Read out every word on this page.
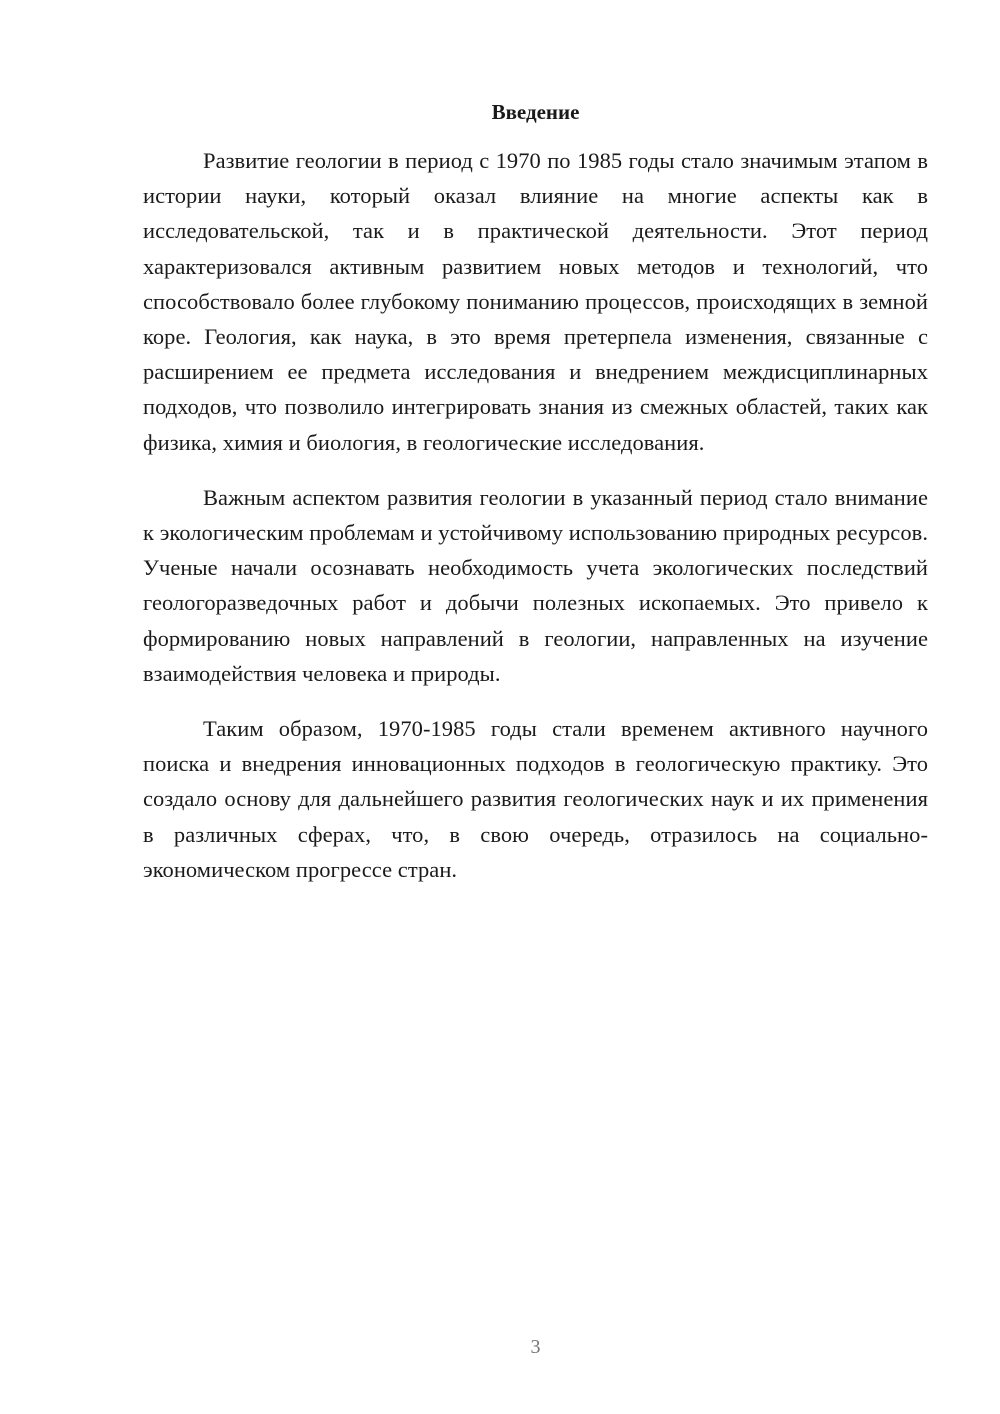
Введение

Развитие геологии в период с 1970 по 1985 годы стало значимым этапом в истории науки, который оказал влияние на многие аспекты как в исследовательской, так и в практической деятельности. Этот период характеризовался активным развитием новых методов и технологий, что способствовало более глубокому пониманию процессов, происходящих в земной коре. Геология, как наука, в это время претерпела изменения, связанные с расширением ее предмета исследования и внедрением междисциплинарных подходов, что позволило интегрировать знания из смежных областей, таких как физика, химия и биология, в геологические исследования.

Важным аспектом развития геологии в указанный период стало внимание к экологическим проблемам и устойчивому использованию природных ресурсов. Ученые начали осознавать необходимость учета экологических последствий геологоразведочных работ и добычи полезных ископаемых. Это привело к формированию новых направлений в геологии, направленных на изучение взаимодействия человека и природы.

Таким образом, 1970-1985 годы стали временем активного научного поиска и внедрения инновационных подходов в геологическую практику. Это создало основу для дальнейшего развития геологических наук и их применения в различных сферах, что, в свою очередь, отразилось на социально-экономическом прогрессе стран.

3
